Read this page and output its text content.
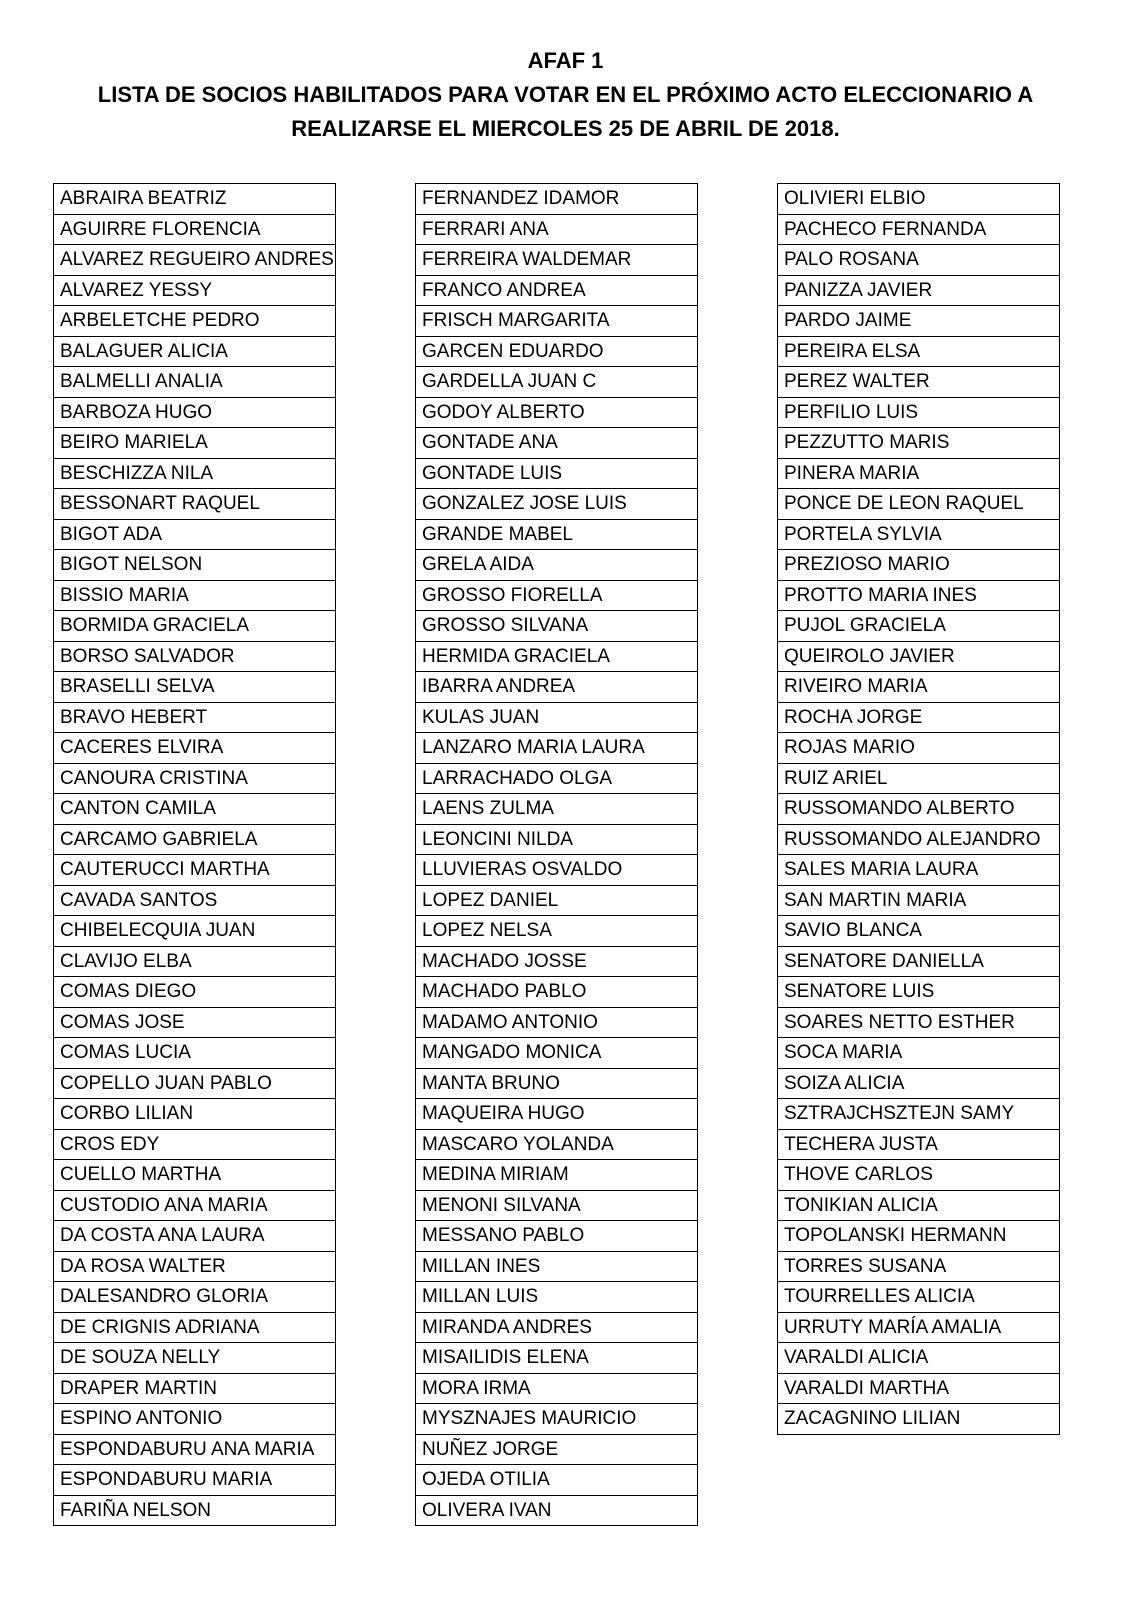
AFAF 1
LISTA DE SOCIOS HABILITADOS PARA VOTAR EN EL PRÓXIMO ACTO ELECCIONARIO A
REALIZARSE EL MIERCOLES 25 DE ABRIL DE 2018.
ABRAIRA BEATRIZ
AGUIRRE FLORENCIA
ALVAREZ REGUEIRO ANDRES
ALVAREZ YESSY
ARBELETCHE PEDRO
BALAGUER ALICIA
BALMELLI ANALIA
BARBOZA HUGO
BEIRO MARIELA
BESCHIZZA NILA
BESSONART RAQUEL
BIGOT ADA
BIGOT NELSON
BISSIO MARIA
BORMIDA GRACIELA
BORSO SALVADOR
BRASELLI SELVA
BRAVO HEBERT
CACERES ELVIRA
CANOURA CRISTINA
CANTON CAMILA
CARCAMO GABRIELA
CAUTERUCCI MARTHA
CAVADA SANTOS
CHIBELECQUIA JUAN
CLAVIJO ELBA
COMAS DIEGO
COMAS JOSE
COMAS LUCIA
COPELLO JUAN PABLO
CORBO LILIAN
CROS EDY
CUELLO MARTHA
CUSTODIO ANA MARIA
DA COSTA ANA LAURA
DA ROSA WALTER
DALESANDRO GLORIA
DE CRIGNIS ADRIANA
DE SOUZA NELLY
DRAPER MARTIN
ESPINO ANTONIO
ESPONDABURU ANA MARIA
ESPONDABURU MARIA
FARIÑA NELSON
FERNANDEZ IDAMOR
FERRARI ANA
FERREIRA WALDEMAR
FRANCO ANDREA
FRISCH MARGARITA
GARCEN EDUARDO
GARDELLA JUAN C
GODOY ALBERTO
GONTADE ANA
GONTADE LUIS
GONZALEZ JOSE LUIS
GRANDE MABEL
GRELA AIDA
GROSSO FIORELLA
GROSSO SILVANA
HERMIDA GRACIELA
IBARRA ANDREA
KULAS JUAN
LANZARO MARIA LAURA
LARRACHADO OLGA
LAENS ZULMA
LEONCINI NILDA
LLUVIERAS OSVALDO
LOPEZ DANIEL
LOPEZ NELSA
MACHADO JOSSE
MACHADO PABLO
MADAMO ANTONIO
MANGADO MONICA
MANTA BRUNO
MAQUEIRA HUGO
MASCARO YOLANDA
MEDINA MIRIAM
MENONI SILVANA
MESSANO PABLO
MILLAN INES
MILLAN LUIS
MIRANDA ANDRES
MISAILIDIS ELENA
MORA IRMA
MYSZNAJES MAURICIO
NUÑEZ JORGE
OJEDA OTILIA
OLIVERA IVAN
OLIVIERI ELBIO
PACHECO FERNANDA
PALO ROSANA
PANIZZA JAVIER
PARDO JAIME
PEREIRA ELSA
PEREZ WALTER
PERFILIO LUIS
PEZZUTTO MARIS
PINERA MARIA
PONCE DE LEON RAQUEL
PORTELA SYLVIA
PREZIOSO MARIO
PROTTO MARIA INES
PUJOL GRACIELA
QUEIROLO JAVIER
RIVEIRO MARIA
ROCHA JORGE
ROJAS MARIO
RUIZ ARIEL
RUSSOMANDO ALBERTO
RUSSOMANDO ALEJANDRO
SALES MARIA LAURA
SAN MARTIN MARIA
SAVIO BLANCA
SENATORE DANIELLA
SENATORE LUIS
SOARES NETTO ESTHER
SOCA MARIA
SOIZA ALICIA
SZTRAJCHSZTEJN SAMY
TECHERA JUSTA
THOVE CARLOS
TONIKIAN ALICIA
TOPOLANSKI HERMANN
TORRES SUSANA
TOURRELLES ALICIA
URRUTY MARÍA AMALIA
VARALDI ALICIA
VARALDI MARTHA
ZACAGNINO LILIAN
